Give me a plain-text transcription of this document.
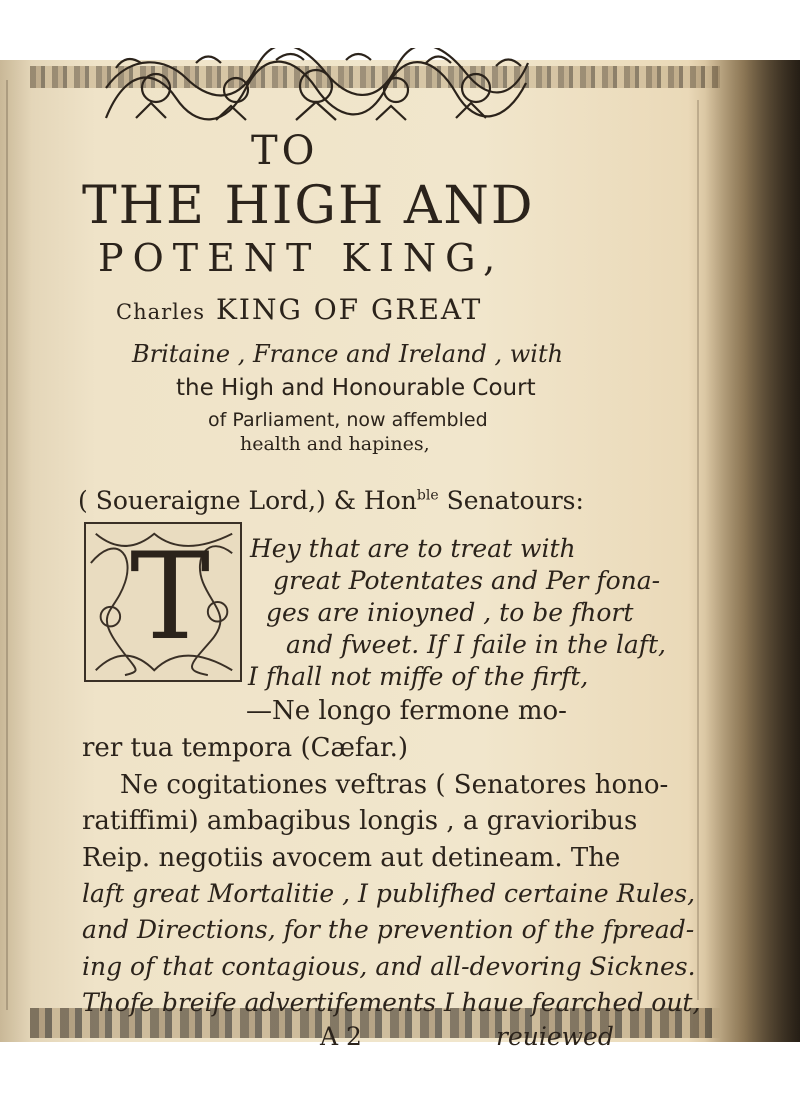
TO
THE HIGH AND
POTENT KING,
Charles KING OF GREAT
Britaine , France and Ireland , with
the High and Honourable Court
of Parliament, now affembled
health and hapines,
( Soueraigne Lord,) & Hon$^{ble}$ Senatours:
T Hey that are to treat with
great Potentates and Per fona-
ges are inioyned , to be fhort
and fweet. If I faile in the laft,
I fhall not miffe of the firft,
—Ne longo fermone mo-
rer tua tempora (Cæfar.)
Ne cogitationes veftras ( Senatores hono-
ratiffimi) ambagibus longis , a gravioribus
Reip. negotiis avocem aut detineam. The
laft great Mortalitie , I publifhed certaine Rules,
and Directions, for the prevention of the fpread-
ing of that contagious, and all-devoring Sicknes.
Thofe breife advertifements I haue fearched out,
A 2	reuiewed
